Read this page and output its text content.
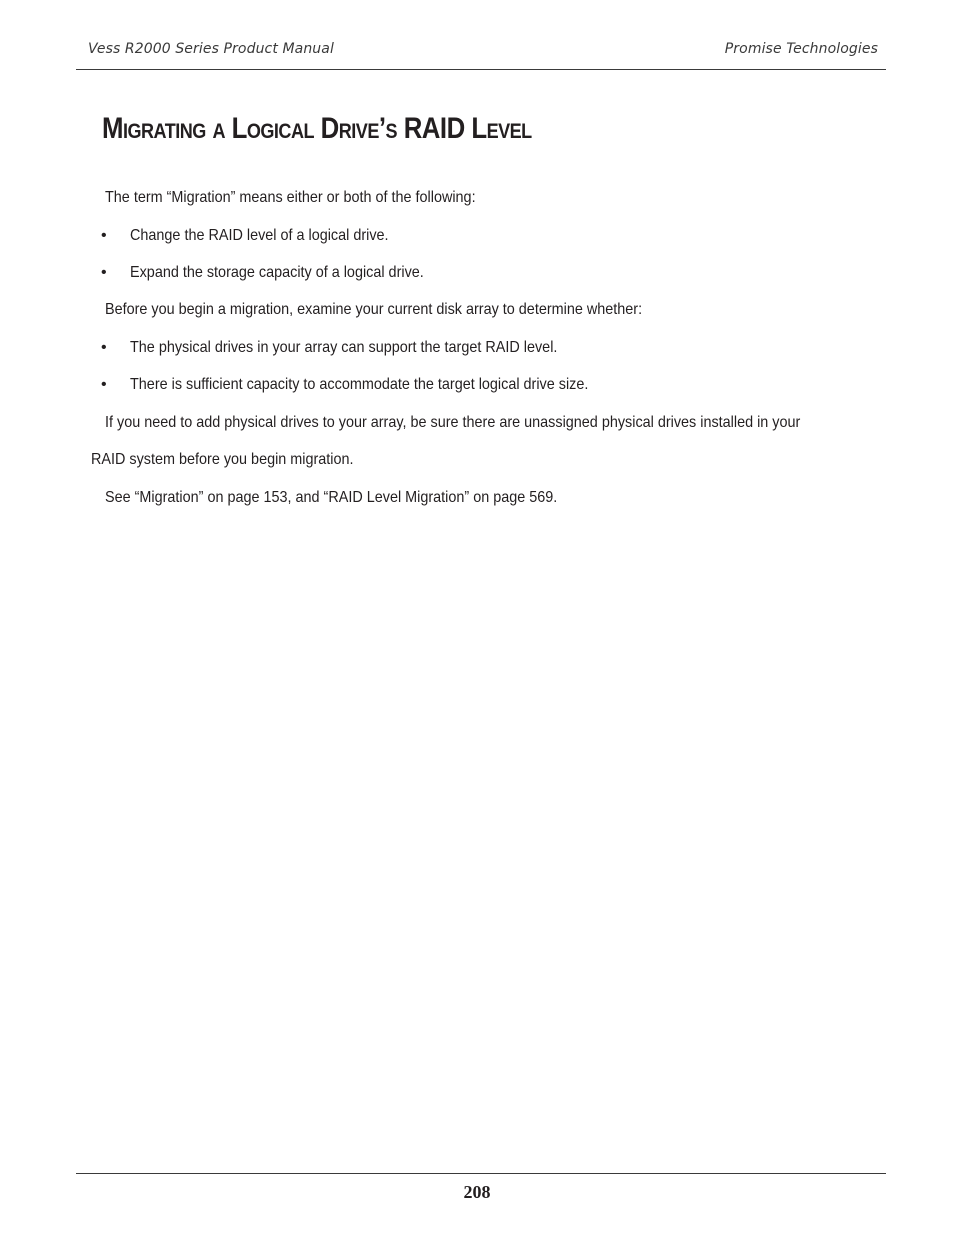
Vess R2000 Series Product Manual	Promise Technologies
Migrating a Logical Drive’s RAID Level

The term “Migration” means either or both of the following:

• Change the RAID level of a logical drive.
• Expand the storage capacity of a logical drive.

Before you begin a migration, examine your current disk array to determine whether:

• The physical drives in your array can support the target RAID level.
• There is sufficient capacity to accommodate the target logical drive size.

If you need to add physical drives to your array, be sure there are unassigned physical drives installed in your

RAID system before you begin migration.

See “Migration” on page 153, and “RAID Level Migration” on page 569.

208
